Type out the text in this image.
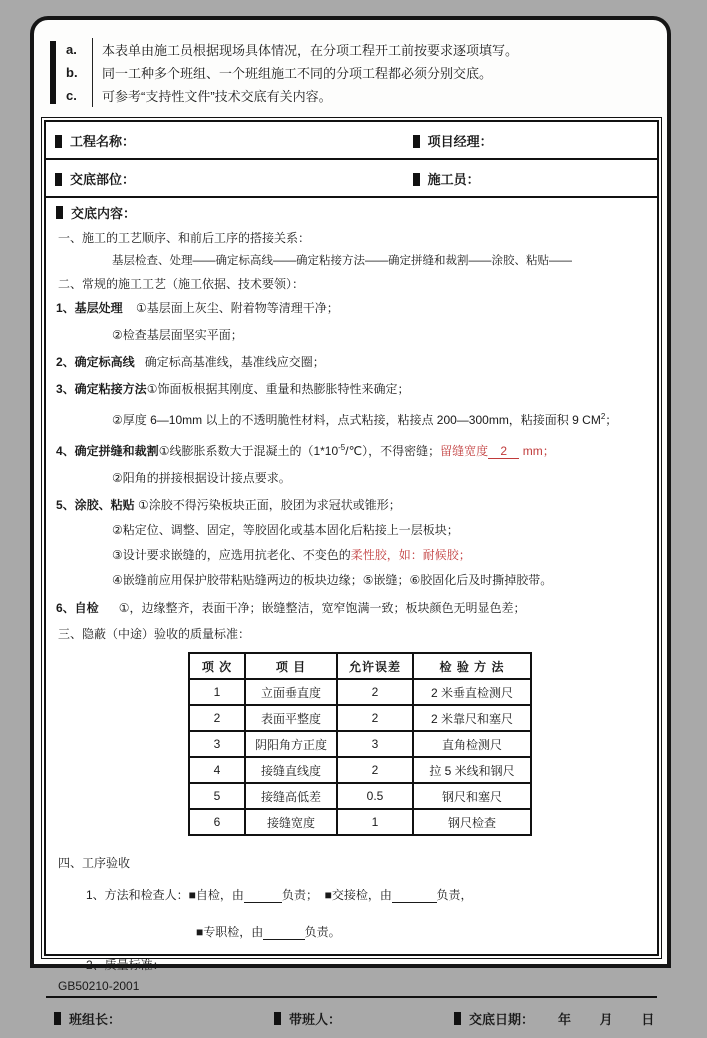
a.	本表单由施工员根据现场具体情况，在分项工程开工前按要求逐项填写。
b.	同一工种多个班组、一个班组施工不同的分项工程都必须分别交底。
c.	可参考“支持性文件”技术交底有关内容。
工程名称：	项目经理：
交底部位：	施工员：
交底内容：
一、施工的工艺顺序、和前后工序的搭接关系：
基层检查、处理——确定标高线——确定粘接方法——确定拼缝和裁割——涂胶、粘贴——
二、常规的施工工艺（施工依据、技术要领）：
1、基层处理    ①基层面上灰尘、附着物等清理干净；
②检查基层面坚实平面；
2、确定标高线   确定标高基准线，基准线应交圈；
3、确定粘接方法①饰面板根据其刚度、重量和热膨胀特性来确定；
②厚度 6—10mm 以上的不透明脆性材料，点式粘接，粘接点 200—300mm，粘接面积 9 $CM^2$；
4、确定拼缝和裁割①线膨胀系数大于混凝土的$(1*10^{-5}/℃)$，不得密缝；留缝宽度 2  mm；
②阳角的拼接根据设计接点要求。
5、涂胶、粘贴 ①涂胶不得污染板块正面，胶团为求冠状或锥形；
②粘定位、调整、固定，等胶固化或基本固化后粘接上一层板块；
③设计要求嵌缝的，应选用抗老化、不变色的柔性胶，如：耐候胶；
④嵌缝前应用保护胶带粘贴缝两边的板块边缘；⑤嵌缝；⑥胶固化后及时撕掉胶带。
6、自检      ①，边缘整齐，表面干净；嵌缝整洁，宽窄饱满一致；板块颜色无明显色差；
三、隐蔽（中途）验收的质量标准：
项 次	项 目	允许误差	检 验 方 法
1	立面垂直度	2	2 米垂直检测尺
2	表面平整度	2	2 米靠尺和塞尺
3	阴阳角方正度	3	直角检测尺
4	接缝直线度	2	拉 5 米线和钢尺
5	接缝高低差	0.5	钢尺和塞尺
6	接缝宽度	1	钢尺检查
四、工序验收
1、方法和检查人：■自检，由	负责；  ■交接检，由	负责，
■专职检，由	负责。
2、质量标准：
GB50210-2001
班组长：	带班人：	交底日期： 年      月      日
